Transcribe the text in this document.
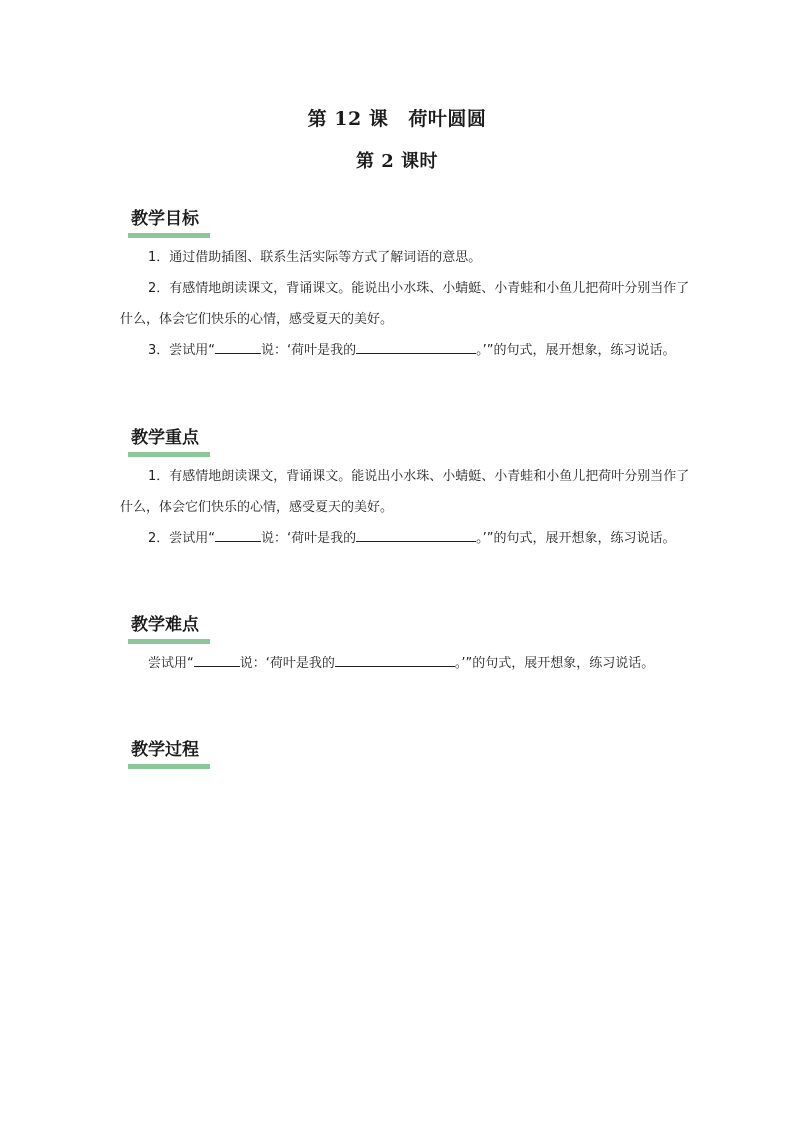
第 12 课 荷叶圆圆
第 2 课时
教学目标
1．通过借助插图、联系生活实际等方式了解词语的意思。
2．有感情地朗读课文，背诵课文。能说出小水珠、小蜻蜓、小青蛙和小鱼儿把荷叶分别当作了什么，体会它们快乐的心情，感受夏天的美好。
3．尝试用“	说：‘荷叶是我的	。’”的句式，展开想象，练习说话。
教学重点
1．有感情地朗读课文，背诵课文。能说出小水珠、小蜻蜓、小青蛙和小鱼儿把荷叶分别当作了什么，体会它们快乐的心情，感受夏天的美好。
2．尝试用“	说：‘荷叶是我的	。’”的句式，展开想象，练习说话。
教学难点
尝试用“	说：‘荷叶是我的	。’”的句式，展开想象，练习说话。
教学过程
